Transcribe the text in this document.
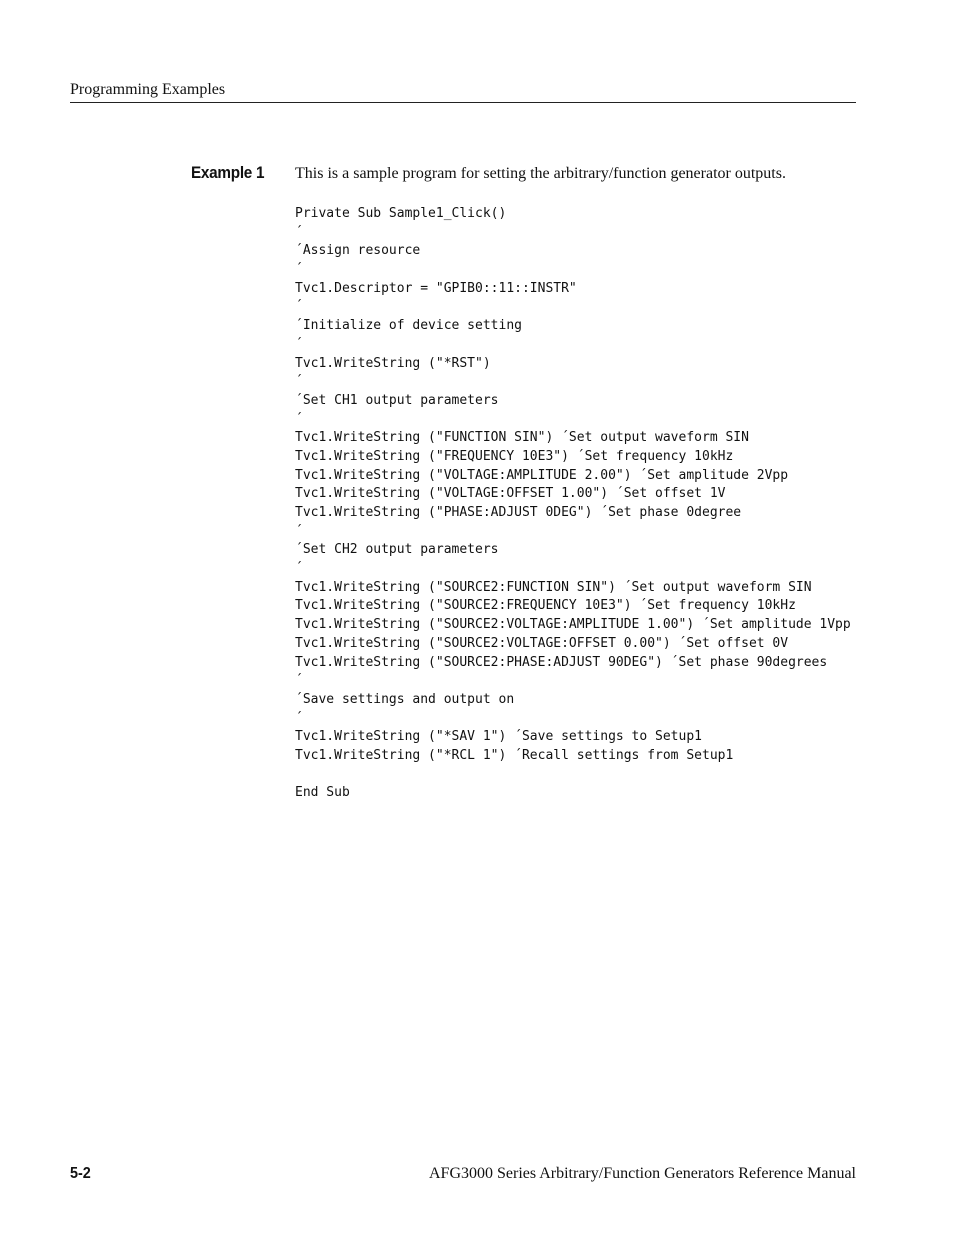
Programming Examples
Example 1 This is a sample program for setting the arbitrary/function generator outputs.
Private Sub Sample1_Click()
´
´Assign resource
´
Tvc1.Descriptor = "GPIB0::11::INSTR"
´
´Initialize of device setting
´
Tvc1.WriteString ("*RST")
´
´Set CH1 output parameters
´
Tvc1.WriteString ("FUNCTION SIN") ´Set output waveform SIN
Tvc1.WriteString ("FREQUENCY 10E3") ´Set frequency 10kHz
Tvc1.WriteString ("VOLTAGE:AMPLITUDE 2.00") ´Set amplitude 2Vpp
Tvc1.WriteString ("VOLTAGE:OFFSET 1.00") ´Set offset 1V
Tvc1.WriteString ("PHASE:ADJUST 0DEG") ´Set phase 0degree
´
´Set CH2 output parameters
´
Tvc1.WriteString ("SOURCE2:FUNCTION SIN") ´Set output waveform SIN
Tvc1.WriteString ("SOURCE2:FREQUENCY 10E3") ´Set frequency 10kHz
Tvc1.WriteString ("SOURCE2:VOLTAGE:AMPLITUDE 1.00") ´Set amplitude 1Vpp
Tvc1.WriteString ("SOURCE2:VOLTAGE:OFFSET 0.00") ´Set offset 0V
Tvc1.WriteString ("SOURCE2:PHASE:ADJUST 90DEG") ´Set phase 90degrees
´
´Save settings and output on
´
Tvc1.WriteString ("*SAV 1") ´Save settings to Setup1
Tvc1.WriteString ("*RCL 1") ´Recall settings from Setup1
End Sub
5-2	AFG3000 Series Arbitrary/Function Generators Reference Manual
